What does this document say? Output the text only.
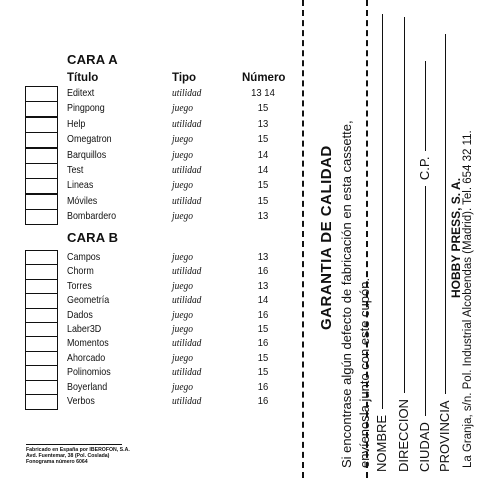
CARA A
Título	Tipo	Número
Editext	utilidad	13 14
Pingpong	juego	15
Help	utilidad	13
Omegatron	juego	15
Barquillos	juego	14
Test	utilidad	14
Lineas	juego	15
Móviles	utilidad	15
Bombardero	juego	13
CARA B
Campos	juego	13
Chorm	utilidad	16
Torres	juego	13
Geometría	utilidad	14
Dados	juego	16
Laber3D	juego	15
Momentos	utilidad	16
Ahorcado	juego	15
Polinomios	utilidad	15
Boyerland	juego	16
Verbos	utilidad	16
Fabricado en España por IBEROFON, S.A.
Avd. Fuentemar, 38 (Pol. Coslada)
Fonograma número 6064
GARANTIA DE CALIDAD Si encontrase algún defecto de fabricación en esta cassette, envíenosla junto con este cupón. NOMBRE DIRECCION CIUDADC.P.
PROVINCIA
HOBBY PRESS, S. A. La Granja, s/n. Pol. Industrial Alcobendas (Madrid). Tel. 654 32 11.
